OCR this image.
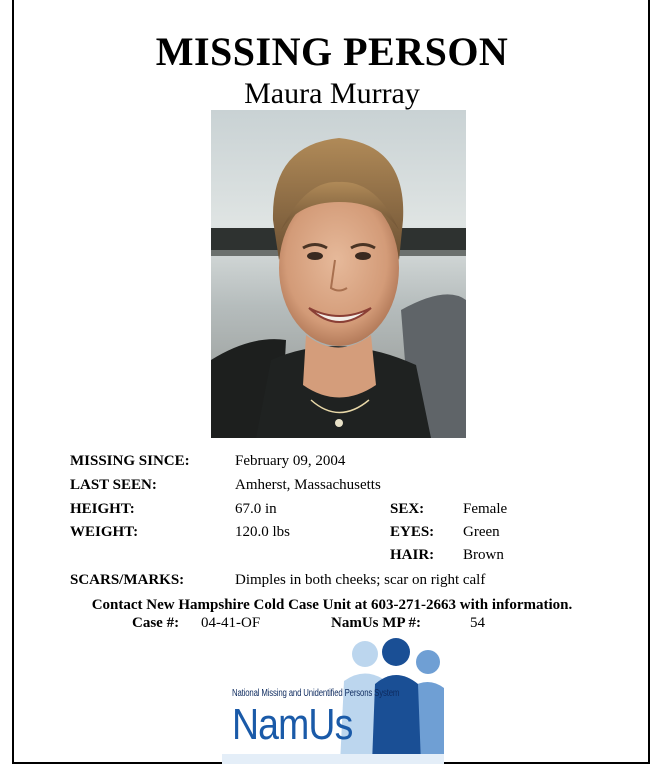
MISSING PERSON
Maura Murray
MISSING SINCE:	February 09, 2004
LAST SEEN:	Amherst, Massachusetts
HEIGHT:	67.0 in	SEX:	Female
WEIGHT:	120.0 lbs	EYES: Green
HAIR: Brown
SCARS/MARKS:	Dimples in both cheeks; scar on right calf
Contact New Hampshire Cold Case Unit at 603-271-2663 with information.
Case #: 04-41-OF	NamUs MP #:	54
National Missing and Unidentified Persons System
NamUs
